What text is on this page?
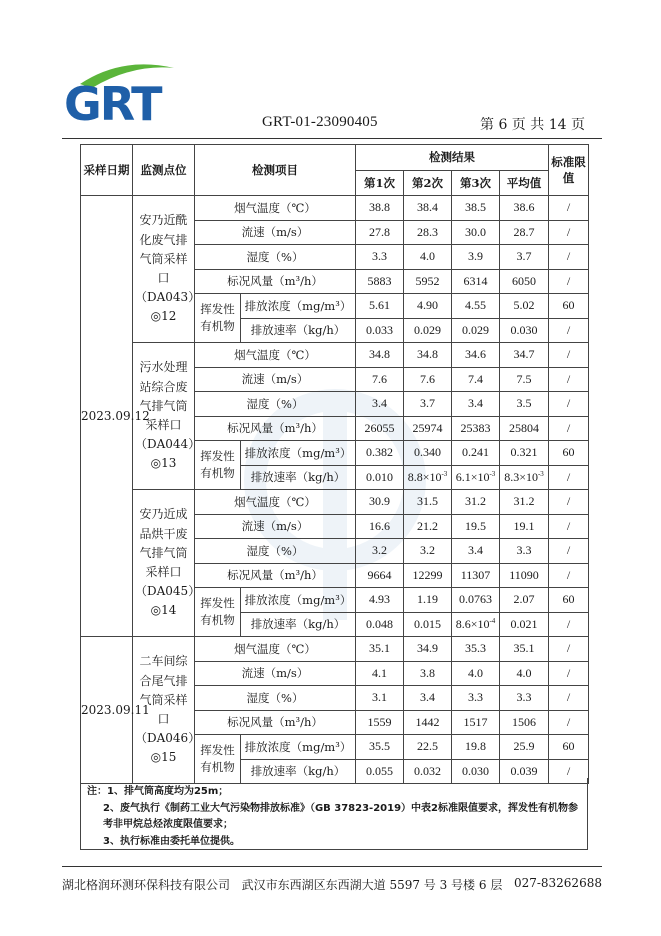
GRT	GRT-01-23090405	第 6 页 共 14 页
采样日期	监测点位	检测项目		检测结果				标准限值
				第1次	第2次	第3次	平均值	
2023.09.12	安乃近酰化废气排气筒采样口（DA043）◎12	烟气温度（℃）		38.8	38.4	38.5	38.6	/
		流速（m/s）		27.8	28.3	30.0	28.7	/
		湿度（%）		3.3	4.0	3.9	3.7	/
		标况风量（m³/h）		5883	5952	6314	6050	/
		挥发性有机物	排放浓度（mg/m³）	5.61	4.90	4.55	5.02	60
			排放速率（kg/h）	0.033	0.029	0.029	0.030	/
	污水处理站综合废气排气筒采样口（DA044）◎13	烟气温度（℃）		34.8	34.8	34.6	34.7	/
		流速（m/s）		7.6	7.6	7.4	7.5	/
		湿度（%）		3.4	3.7	3.4	3.5	/
		标况风量（m³/h）		26055	25974	25383	25804	/
		挥发性有机物	排放浓度（mg/m³）	0.382	0.340	0.241	0.321	60
			排放速率（kg/h）	0.010	$8.8\times 10^{-3}$	$6.1\times 10^{-3}$	$8.3\times 10^{-3}$	/
	安乃近成品烘干废气排气筒采样口（DA045）◎14	烟气温度（℃）		30.9	31.5	31.2	31.2	/
		流速（m/s）		16.6	21.2	19.5	19.1	/
		湿度（%）		3.2	3.2	3.4	3.3	/
		标况风量（m³/h）		9664	12299	11307	11090	/
		挥发性有机物	排放浓度（mg/m³）	4.93	1.19	0.0763	2.07	60
			排放速率（kg/h）	0.048	0.015	$8.6\times 10^{-4}$	0.021	/
2023.09.11	二车间综合尾气排气筒采样口（DA046）◎15	烟气温度（℃）		35.1	34.9	35.3	35.1	/
		流速（m/s）		4.1	3.8	4.0	4.0	/
		湿度（%）		3.1	3.4	3.3	3.3	/
		标况风量（m³/h）		1559	1442	1517	1506	/
		挥发性有机物	排放浓度（mg/m³）	35.5	22.5	19.8	25.9	60
			排放速率（kg/h）	0.055	0.032	0.030	0.039	/

注：1、排气筒高度均为25m；

2、废气执行《制药工业大气污染物排放标准》（GB 37823-2019）中表2标准限值要求，挥发性有机物参考非甲烷总烃浓度限值要求；

3、执行标准由委托单位提供。

湖北格润环测环保科技有限公司 武汉市东西湖区东西湖大道 5597 号 3 号楼 6 层 027-83262688
